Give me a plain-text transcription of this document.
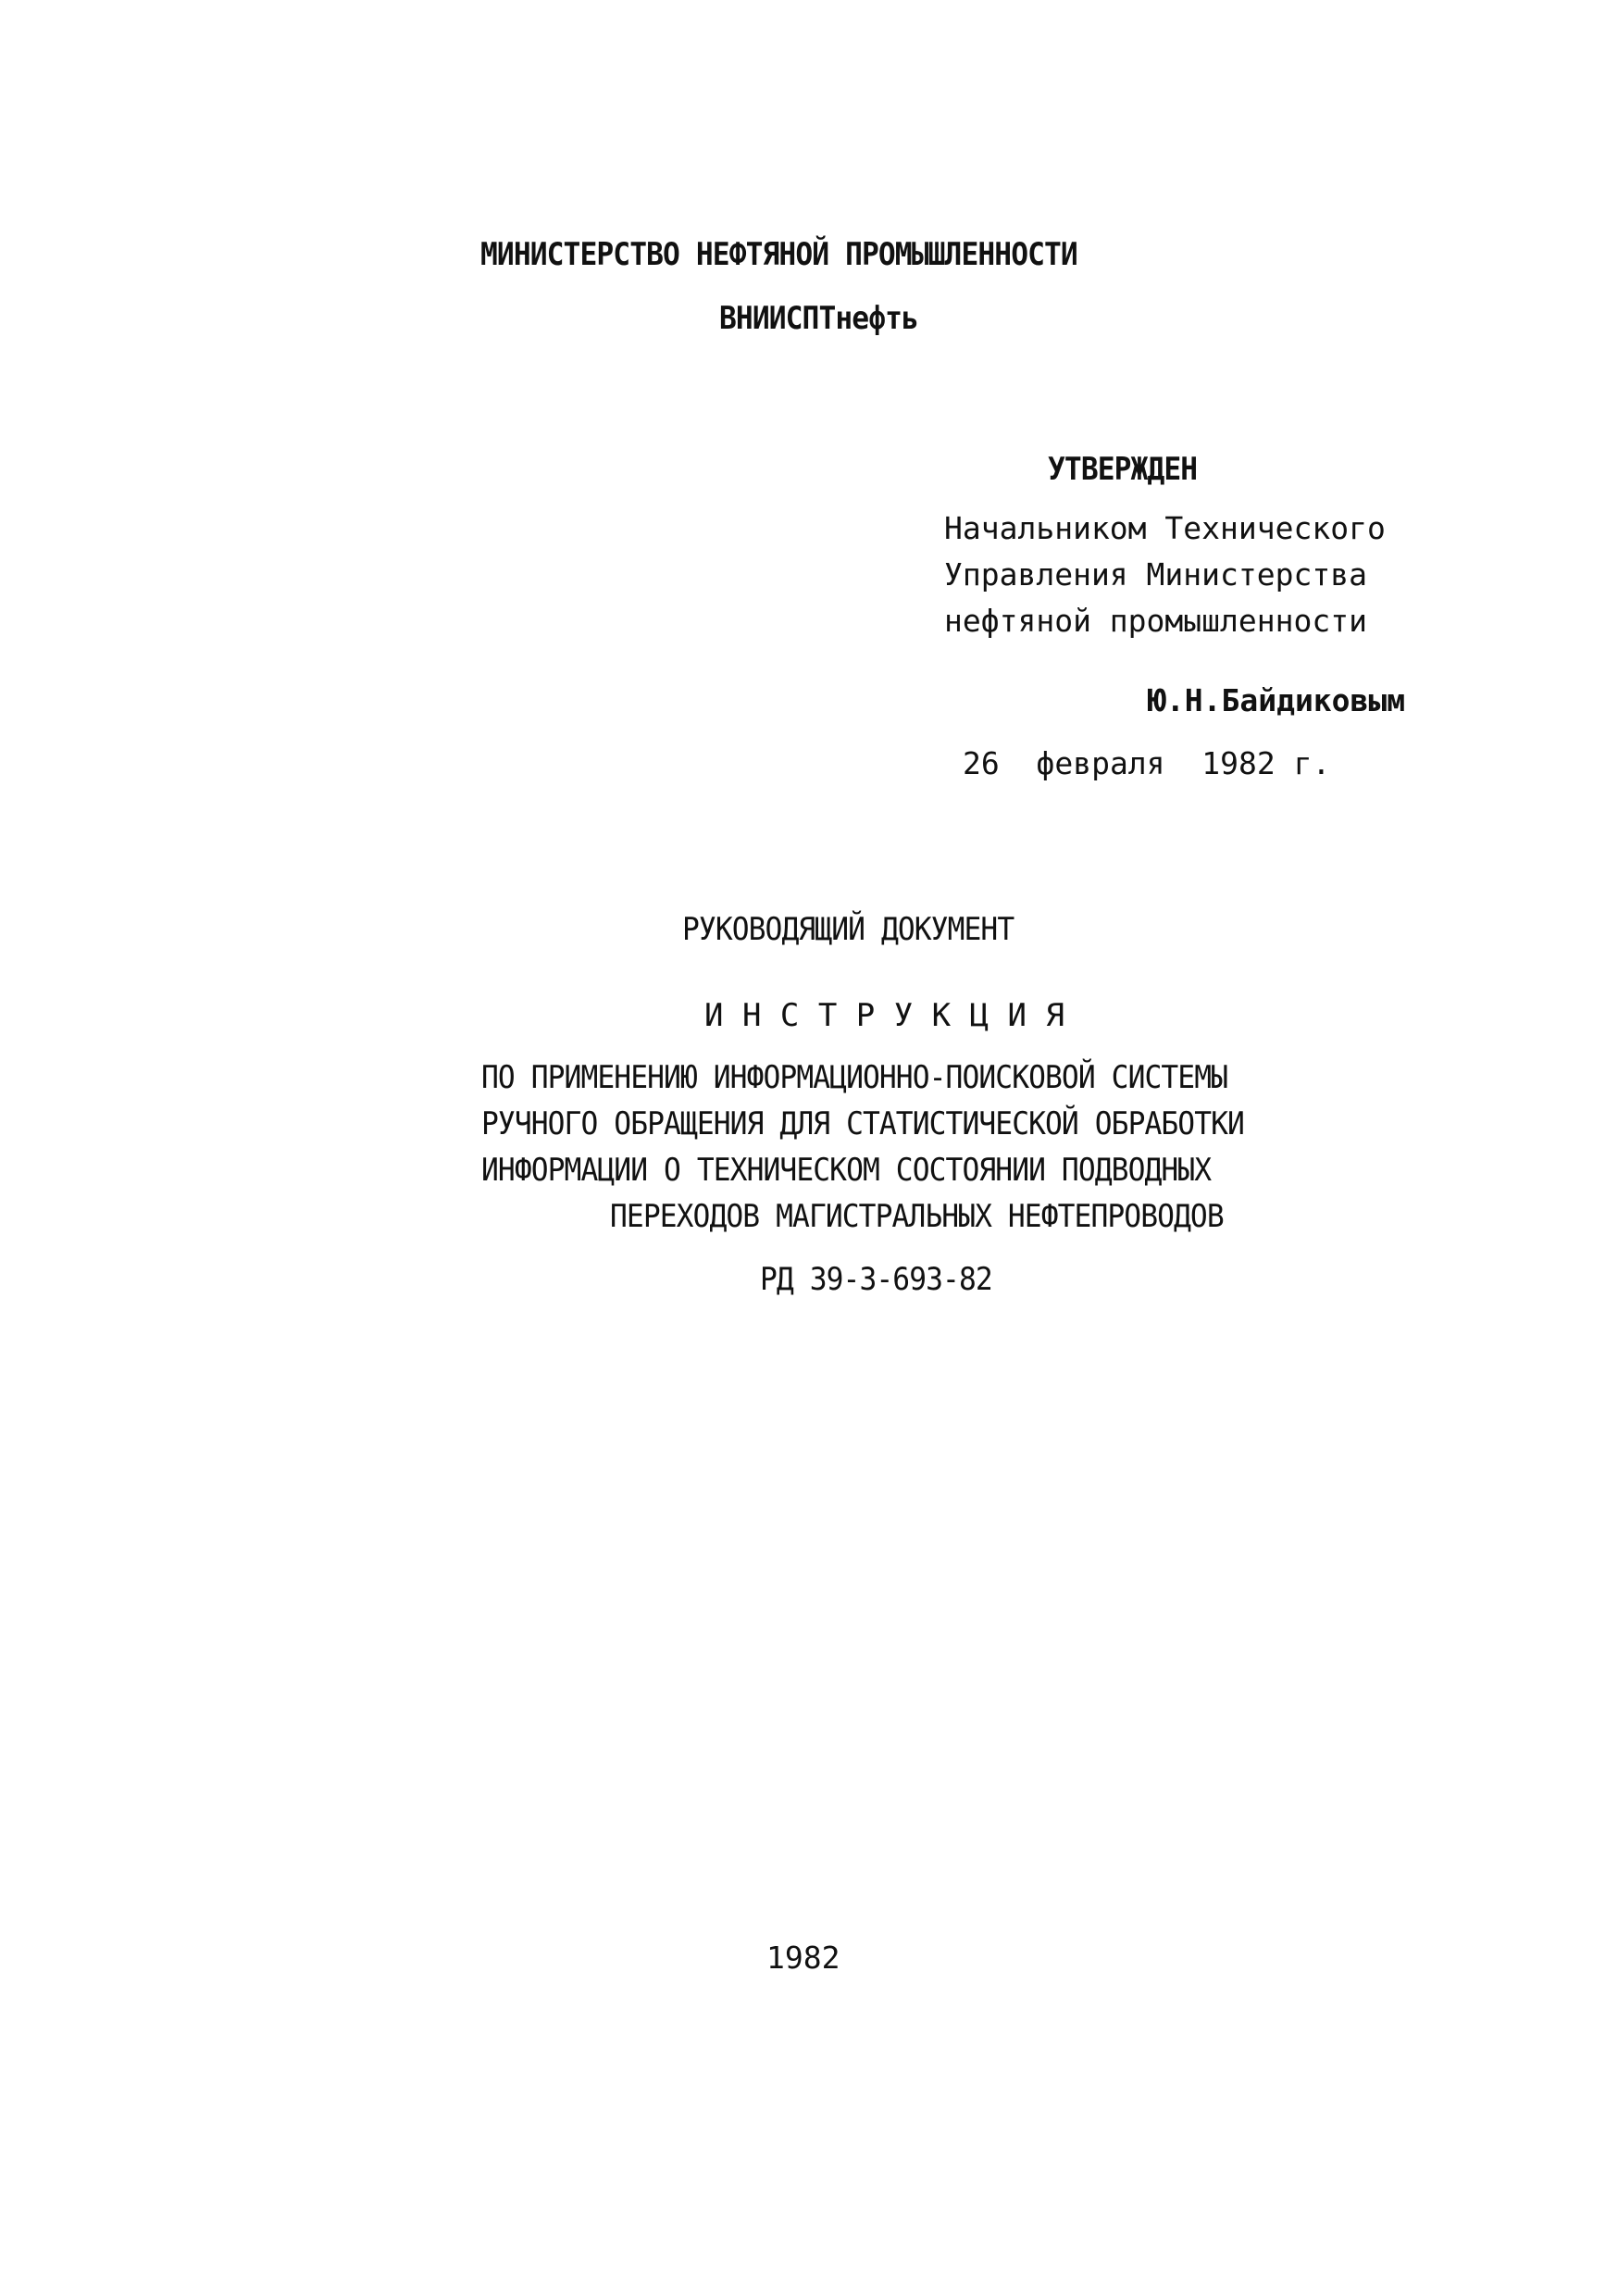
МИНИСТЕРСТВО НЕФТЯНОЙ ПРОМЫШЛЕННОСТИ

ВНИИСПТнефть

УТВЕРЖДЕН

Начальником Технического

Управления Министерства

нефтяной промышленности

Ю.Н.Байдиковым

26  февраля  1982 г.

РУКОВОДЯЩИЙ ДОКУМЕНТ

И Н С Т Р У К Ц И Я

ПО ПРИМЕНЕНИЮ ИНФОРМАЦИОННО-ПОИСКОВОЙ СИСТЕМЫ

РУЧНОГО ОБРАЩЕНИЯ ДЛЯ СТАТИСТИЧЕСКОЙ ОБРАБОТКИ

ИНФОРМАЦИИ О ТЕХНИЧЕСКОМ СОСТОЯНИИ ПОДВОДНЫХ

ПЕРЕХОДОВ МАГИСТРАЛЬНЫХ НЕФТЕПРОВОДОВ

РД 39-3-693-82

1982
